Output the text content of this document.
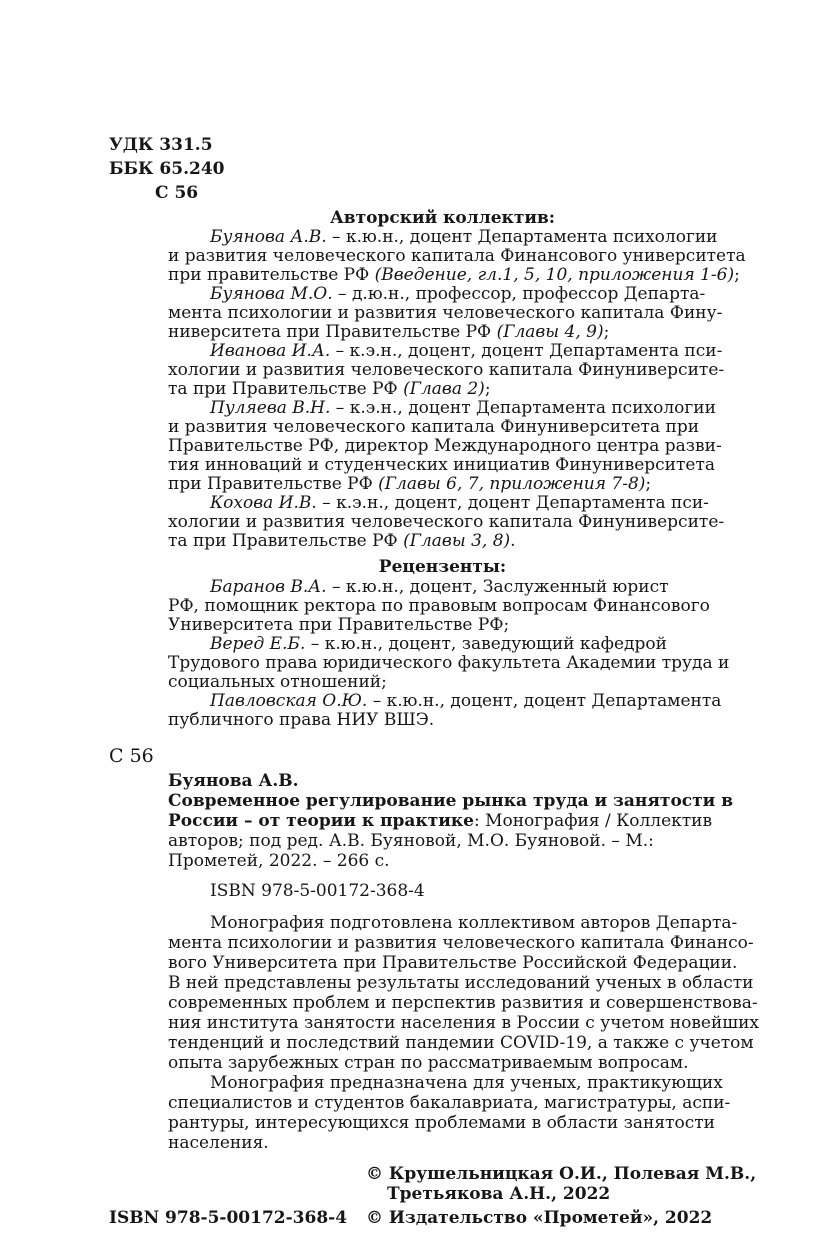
УДК 331.5
ББК 65.240
С 56
Авторский коллектив:
Буянова А.В. – к.ю.н., доцент Департамента психологии
и развития человеческого капитала Финансового университета
при правительстве РФ (Введение, гл.1, 5, 10, приложения 1-6);
Буянова М.О. – д.ю.н., профессор, профессор Департа-
мента психологии и развития человеческого капитала Фину-
ниверситета при Правительстве РФ (Главы 4, 9);
Иванова И.А. – к.э.н., доцент, доцент Департамента пси-
хологии и развития человеческого капитала Финуниверсите-
та при Правительстве РФ (Глава 2);
Пуляева В.Н. – к.э.н., доцент Департамента психологии
и развития человеческого капитала Финуниверситета при
Правительстве РФ, директор Международного центра разви-
тия инноваций и студенческих инициатив Финуниверситета
при Правительстве РФ (Главы 6, 7, приложения 7-8);
Кохова И.В. – к.э.н., доцент, доцент Департамента пси-
хологии и развития человеческого капитала Финуниверсите-
та при Правительстве РФ (Главы 3, 8).
Рецензенты:
Баранов В.А. – к.ю.н., доцент, Заслуженный юрист
РФ, помощник ректора по правовым вопросам Финансового
Университета при Правительстве РФ;
Веред Е.Б. – к.ю.н., доцент, заведующий кафедрой
Трудового права юридического факультета Академии труда и
социальных отношений;
Павловская О.Ю. – к.ю.н., доцент, доцент Департамента
публичного права НИУ ВШЭ.
С 56
Буянова А.В.
Современное регулирование рынка труда и занятости в
России – от теории к практике: Монография / Коллектив
авторов; под ред. А.В. Буяновой, М.О. Буяновой. – М.:
Прометей, 2022. – 266 с.
ISBN 978-5-00172-368-4
Монография подготовлена коллективом авторов Департа-
мента психологии и развития человеческого капитала Финансо-
вого Университета при Правительстве Российской Федерации.
В ней представлены результаты исследований ученых в области
современных проблем и перспектив развития и совершенствова-
ния института занятости населения в России с учетом новейших
тенденций и последствий пандемии COVID-19, а также с учетом
опыта зарубежных стран по рассматриваемым вопросам.
Монография предназначена для ученых, практикующих
специалистов и студентов бакалавриата, магистратуры, аспи-
рантуры, интересующихся проблемами в области занятости
населения.
© Крушельницкая О.И., Полевая М.В.,
Третьякова А.Н., 2022
ISBN 978-5-00172-368-4 © Издательство «Прометей», 2022
